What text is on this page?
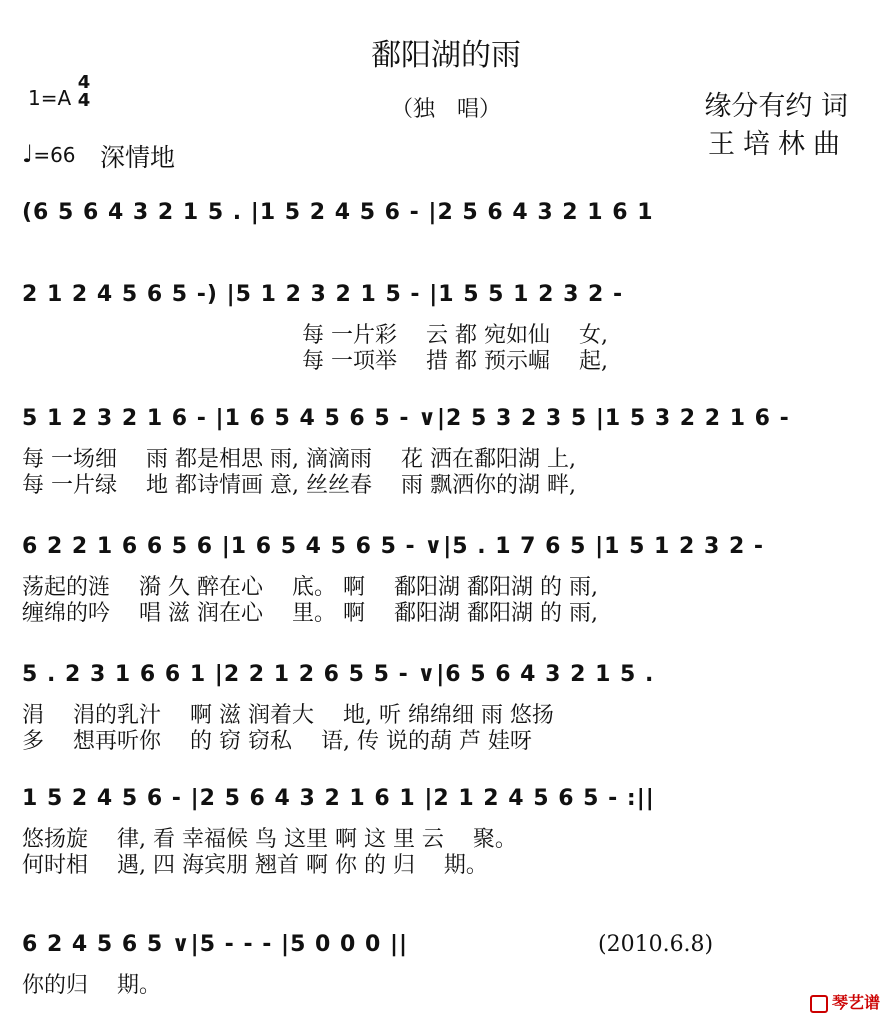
鄱阳湖的雨
（独　唱）
1=A
4
4
♩=66 深情地
缘分有约 词
王培林曲
(6 5 6 4 3 2 1 5 . |1 5 2 4 5 6 - |2 5 6 4 3 2 1 6 1
2 1 2 4 5 6 5 -) |5 1 2 3 2 1 5 - |1 5 5 1 2 3 2 -
每 一片彩　 云 都 宛如仙　 女,
每 一项举　 措 都 预示崛　 起,
5 1 2 3 2 1 6 - |1 6 5 4 5 6 5 - ∨|2 5 3 2 3 5 |1 5 3 2 2 1 6 -
每 一场细　 雨 都是相思 雨, 滴滴雨　 花 洒在鄱阳湖 上,
每 一片绿　 地 都诗情画 意, 丝丝春　 雨 飘洒你的湖 畔,
6 2 2 1 6 6 5 6 |1 6 5 4 5 6 5 - ∨|5 . 1 7 6 5 |1 5 1 2 3 2 -
荡起的涟　 漪 久 醉在心　 底。 啊　 鄱阳湖 鄱阳湖 的 雨,
缠绵的吟　 唱 滋 润在心　 里。 啊　 鄱阳湖 鄱阳湖 的 雨,
5 . 2 3 1 6 6 1 |2 2 1 2 6 5 5 - ∨|6 5 6 4 3 2 1 5 .
涓　 涓的乳汁　 啊 滋 润着大　 地, 听 绵绵细 雨 悠扬
多　 想再听你　 的 窃 窃私　 语, 传 说的葫 芦 娃呀
1 5 2 4 5 6 - |2 5 6 4 3 2 1 6 1 |2 1 2 4 5 6 5 - :||
悠扬旋　 律, 看 幸福候 鸟 这里 啊 这 里 云　 聚。
何时相　 遇, 四 海宾朋 翘首 啊 你 的 归　 期。
6 2 4 5 6 5 ∨|5 - - - |5 0 0 0 ||
你的归　 期。
(2010.6.8)
琴艺谱
